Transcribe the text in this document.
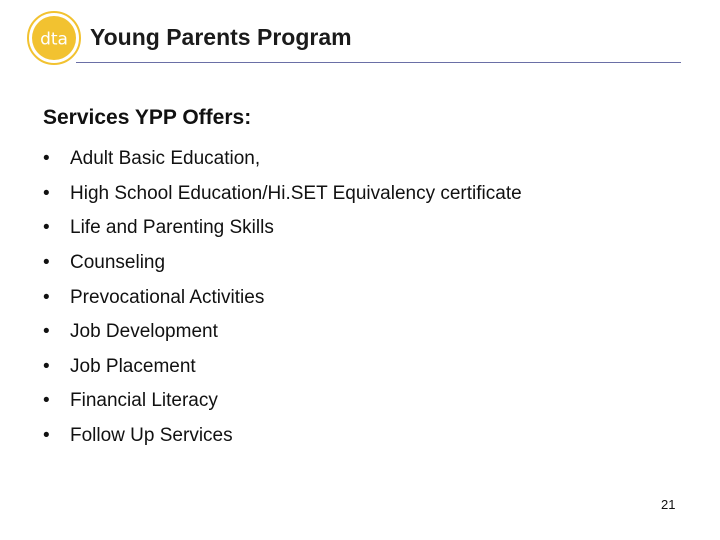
dta Young Parents Program
Services YPP Offers:
•	Adult Basic Education,
•	High School Education/Hi.SET Equivalency certificate
•	Life and Parenting Skills
•	Counseling
•	Prevocational Activities
•	Job Development
•	Job Placement
•	Financial Literacy
•	Follow Up Services
21
